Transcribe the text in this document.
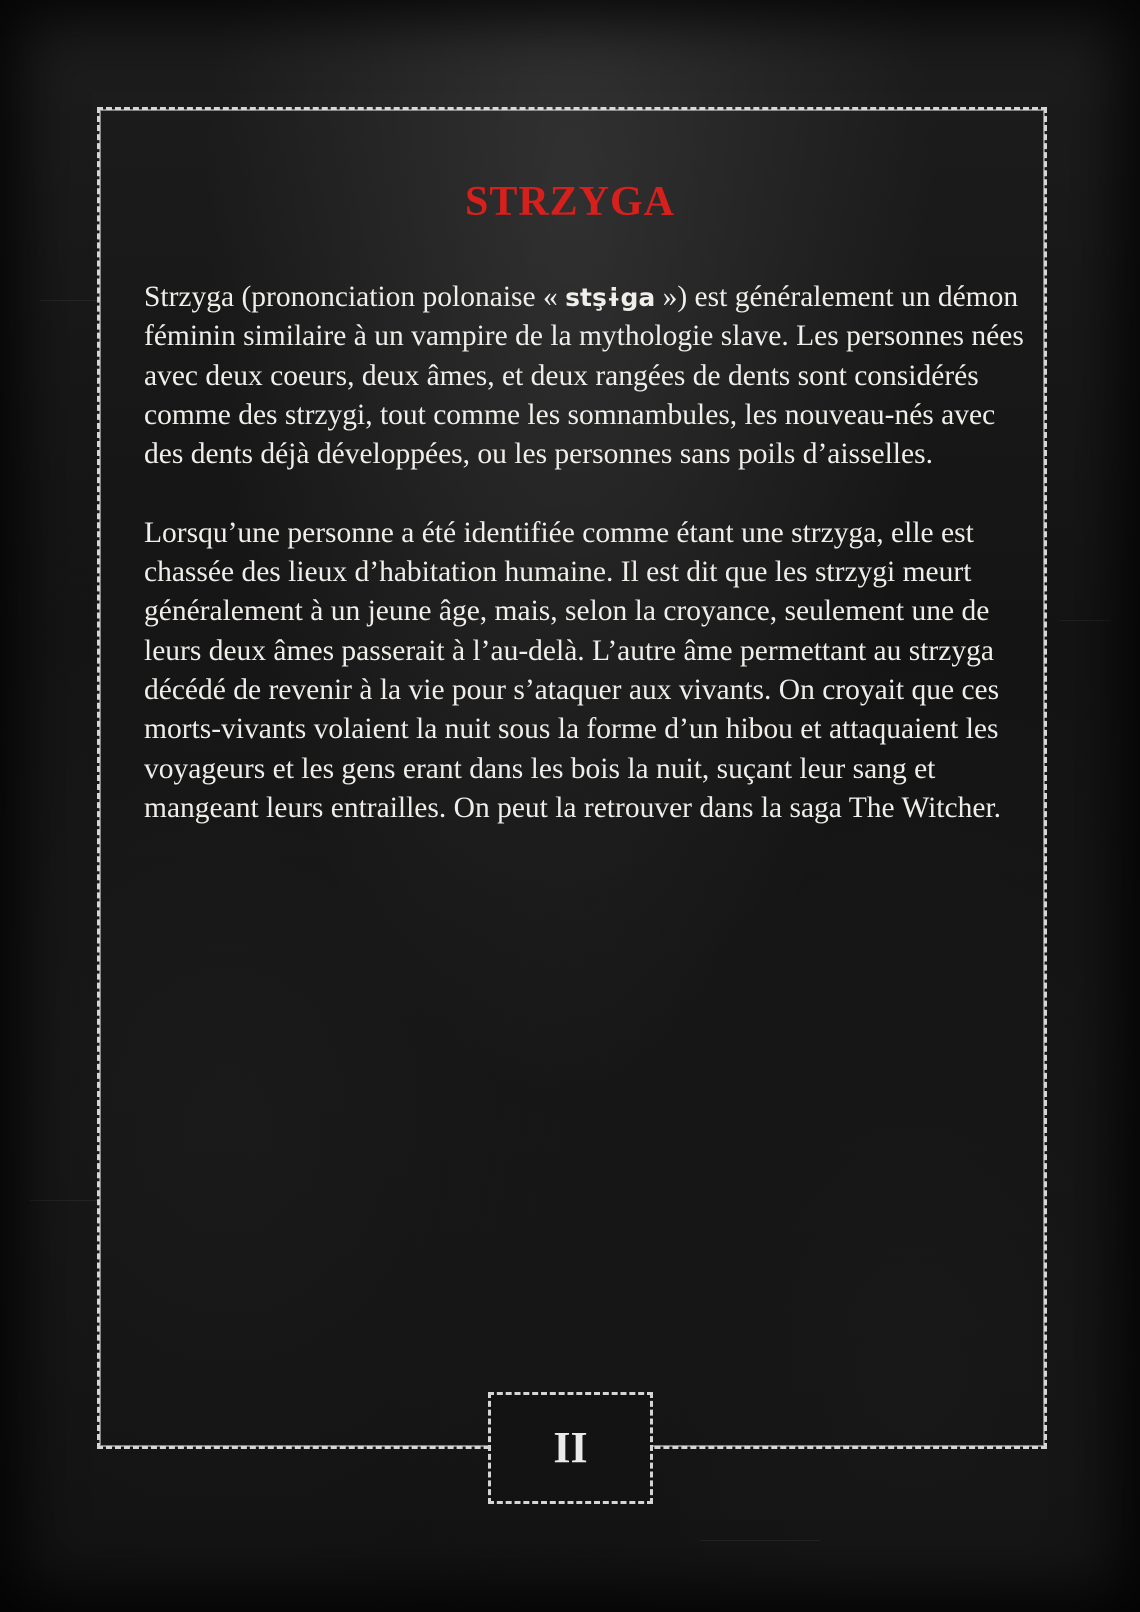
STRZYGA

Strzyga (prononciation polonaise « stşɨga ») est généralement un démon féminin similaire à un vampire de la mythologie slave. Les personnes nées avec deux coeurs, deux âmes, et deux rangées de dents sont considérés comme des strzygi, tout comme les somnambules, les nouveau-nés avec des dents déjà développées, ou les personnes sans poils d’aisselles.

Lorsqu’une personne a été identifiée comme étant une strzyga, elle est chassée des lieux d’habitation humaine. Il est dit que les strzygi meurt généralement à un jeune âge, mais, selon la croyance, seulement une de leurs deux âmes passerait à l’au-delà. L’autre âme permettant au strzyga décédé de revenir à la vie pour s’ataquer aux vivants. On croyait que ces morts-vivants volaient la nuit sous la forme d’un hibou et attaquaient les voyageurs et les gens erant dans les bois la nuit, suçant leur sang et mangeant leurs entrailles. On peut la retrouver dans la saga The Witcher.

II
